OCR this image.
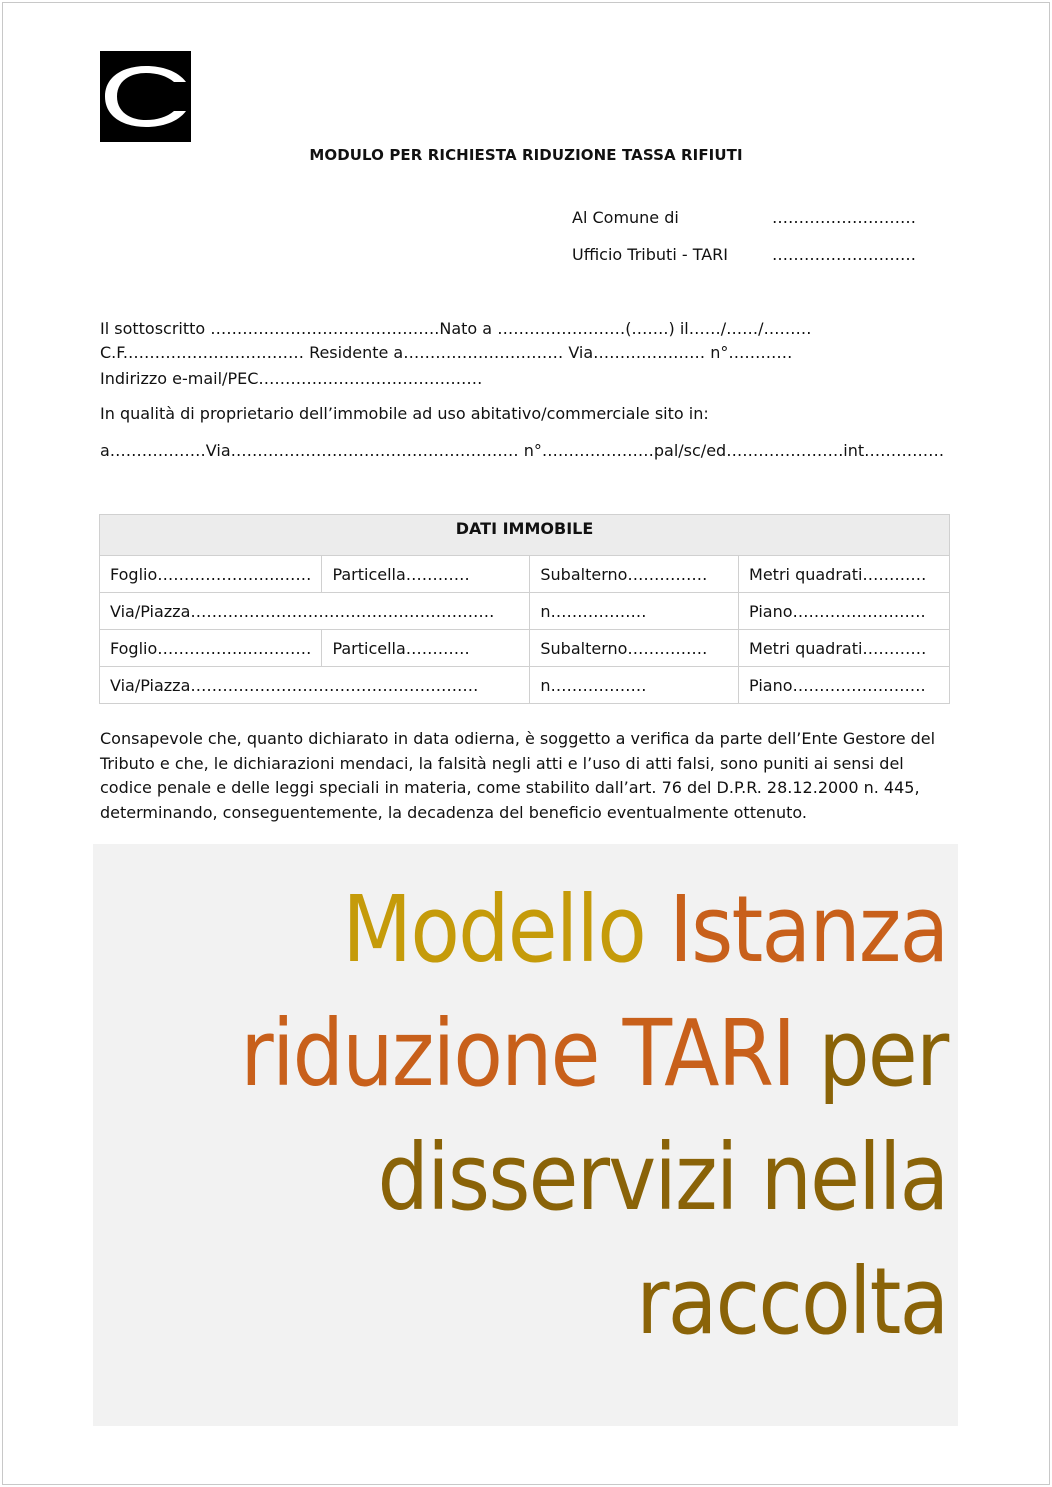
MODULO PER RICHIESTA RIDUZIONE TASSA RIFIUTI
Al Comune di	………………………
Ufficio Tributi - TARI	………………………
Il sottoscritto …………………………………….Nato a ……………………(…….) il……/……/………
C.F.…………………………… Residente a………………………… Via………………… n°…………
Indirizzo e-mail/PEC……………………………………
In qualità di proprietario dell’immobile ad uso abitativo/commerciale sito in:
a………………Via……………………………………………… n°…………………pal/sc/ed………………….int……………
DATI IMMOBILE			
Foglio…………………..……	Particella…………	Subalterno……………	Metri quadrati…………
Via/Piazza…………………………………………………		n………………	Piano…………………….
Foglio……………..…………	Particella…………	Subalterno……………	Metri quadrati…………
Via/Piazza………………………………………………		n………………	Piano…………………….
Consapevole che, quanto dichiarato in data odierna, è soggetto a verifica da parte dell’Ente Gestore del Tributo e che, le dichiarazioni mendaci, la falsità negli atti e l’uso di atti falsi, sono puniti ai sensi del codice penale e delle leggi speciali in materia, come stabilito dall’art. 76 del D.P.R. 28.12.2000 n. 445, determinando, conseguentemente, la decadenza del beneficio eventualmente ottenuto.
Modello Istanza
riduzione TARI per
disservizi nella
raccolta
